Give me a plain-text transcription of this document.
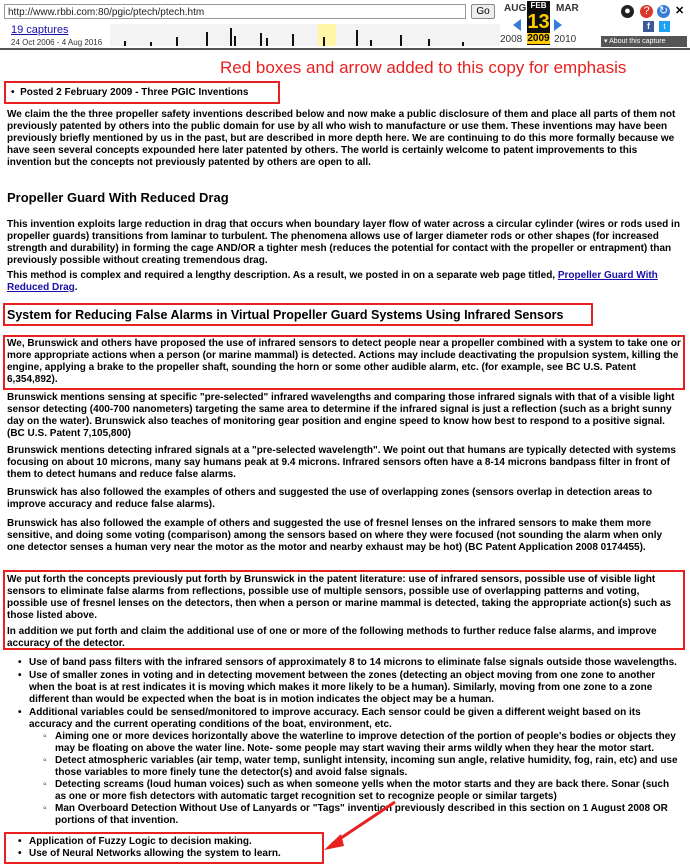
http://www.rbbi.com:80/pgic/ptech/ptech.htm	Go
19 captures
24 Oct 2006 - 4 Aug 2016
AUG	MAR
FEB
13
2009
2008	2010
●	? ↻ ✕
f	t
▾ About this capture
Red boxes and arrow added to this copy for emphasis
•  Posted 2 February 2009 - Three PGIC Inventions
We claim the the three propeller safety inventions described below and now make a public disclosure of them and place all parts of them not previously patented by others into the public domain for use by all who wish to manufacture or use them. These inventions may have been previously briefly mentioned by us in the past, but are described in more depth here. We are continuing to do this more formally because we have seen several concepts expounded here later patented by others. The world is certainly welcome to patent improvements to this invention but the concepts not previously patented by others are open to all.
Propeller Guard With Reduced Drag
This invention exploits large reduction in drag that occurs when boundary layer flow of water across a circular cylinder (wires or rods used in propeller guards) transitions from laminar to turbulent. The phenomena allows use of larger diameter rods or other shapes (for increased strength and durability) in forming the cage AND/OR a tighter mesh (reduces the potential for contact with the propeller or entrapment) than previously possible without creating tremendous drag.
This method is complex and required a lengthy description. As a result, we posted in on a separate web page titled, Propeller Guard With Reduced Drag.
System for Reducing False Alarms in Virtual Propeller Guard Systems Using Infrared Sensors
We, Brunswick and others have proposed the use of infrared sensors to detect people near a propeller combined with a system to take one or more appropriate actions when a person (or marine mammal) is detected. Actions may include deactivating the propulsion system, killing the engine, applying a brake to the propeller shaft, sounding the horn or some other audible alarm, etc. (for example, see BC U.S. Patent 6,354,892).
Brunswick mentions sensing at specific "pre-selected" infrared wavelengths and comparing those infrared signals with that of a visible light sensor detecting (400-700 nanometers) targeting the same area to determine if the infrared signal is just a reflection (such as a bright sunny day on the water). Brunswick also teaches of monitoring gear position and engine speed to know how best to respond to a positive signal. (BC U.S. Patent 7,105,800)
Brunswick mentions detecting infrared signals at a "pre-selected wavelength". We point out that humans are typically detected with systems focusing on about 10 microns, many say humans peak at 9.4 microns. Infrared sensors often have a 8-14 microns bandpass filter in front of them to detect humans and reduce false alarms.
Brunswick has also followed the examples of others and suggested the use of overlapping zones (sensors overlap in detection areas to improve accuracy and reduce false alarms).
Brunswick has also followed the example of others and suggested the use of fresnel lenses on the infrared sensors to make them more sensitive, and doing some voting (comparison) among the sensors based on where they were focused (not sounding the alarm when only one detector senses a human very near the motor as the motor and nearby exhaust may be hot) (BC Patent Application 2008 0174455).
We put forth the concepts previously put forth by Brunswick in the patent literature: use of infrared sensors, possible use of visible light sensors to eliminate false alarms from reflections, possible use of multiple sensors, possible use of overlapping patterns and voting, possible use of fresnel lenses on the detectors, then when a person or marine mammal is detected, taking the appropriate action(s) such as those listed above.
In addition we put forth and claim the additional use of one or more of the following methods to further reduce false alarms, and improve accuracy of the detector.
• Use of band pass filters with the infrared sensors of approximately 8 to 14 microns to eliminate false signals outside those wavelengths.
• Use of smaller zones in voting and in detecting movement between the zones (detecting an object moving from one zone to another when the boat is at rest indicates it is moving which makes it more likely to be a human). Similarly, moving from one zone to a zone different than would be expected when the boat is in motion indicates the object may be a human.
• Additional variables could be sensed/monitored to improve accuracy. Each sensor could be given a different weight based on its accuracy and the current operating conditions of the boat, environment, etc.
◦ Aiming one or more devices horizontally above the waterline to improve detection of the portion of people's bodies or objects they may be floating on above the water line. Note- some people may start waving their arms wildly when they hear the motor start.
◦ Detect atmospheric variables (air temp, water temp, sunlight intensity, incoming sun angle, relative humidity, fog, rain, etc) and use those variables to more finely tune the detector(s) and avoid false signals.
◦ Detecting screams (loud human voices) such as when someone yells when the motor starts and they are back there. Sonar (such as one or more fish detectors with automatic target recognition set to recognize people or similar targets)
◦ Man Overboard Detection Without Use of Lanyards or "Tags" invention previously described in this section on 1 August 2008 OR portions of that invention.
• Application of Fuzzy Logic to decision making.
• Use of Neural Networks allowing the system to learn.
